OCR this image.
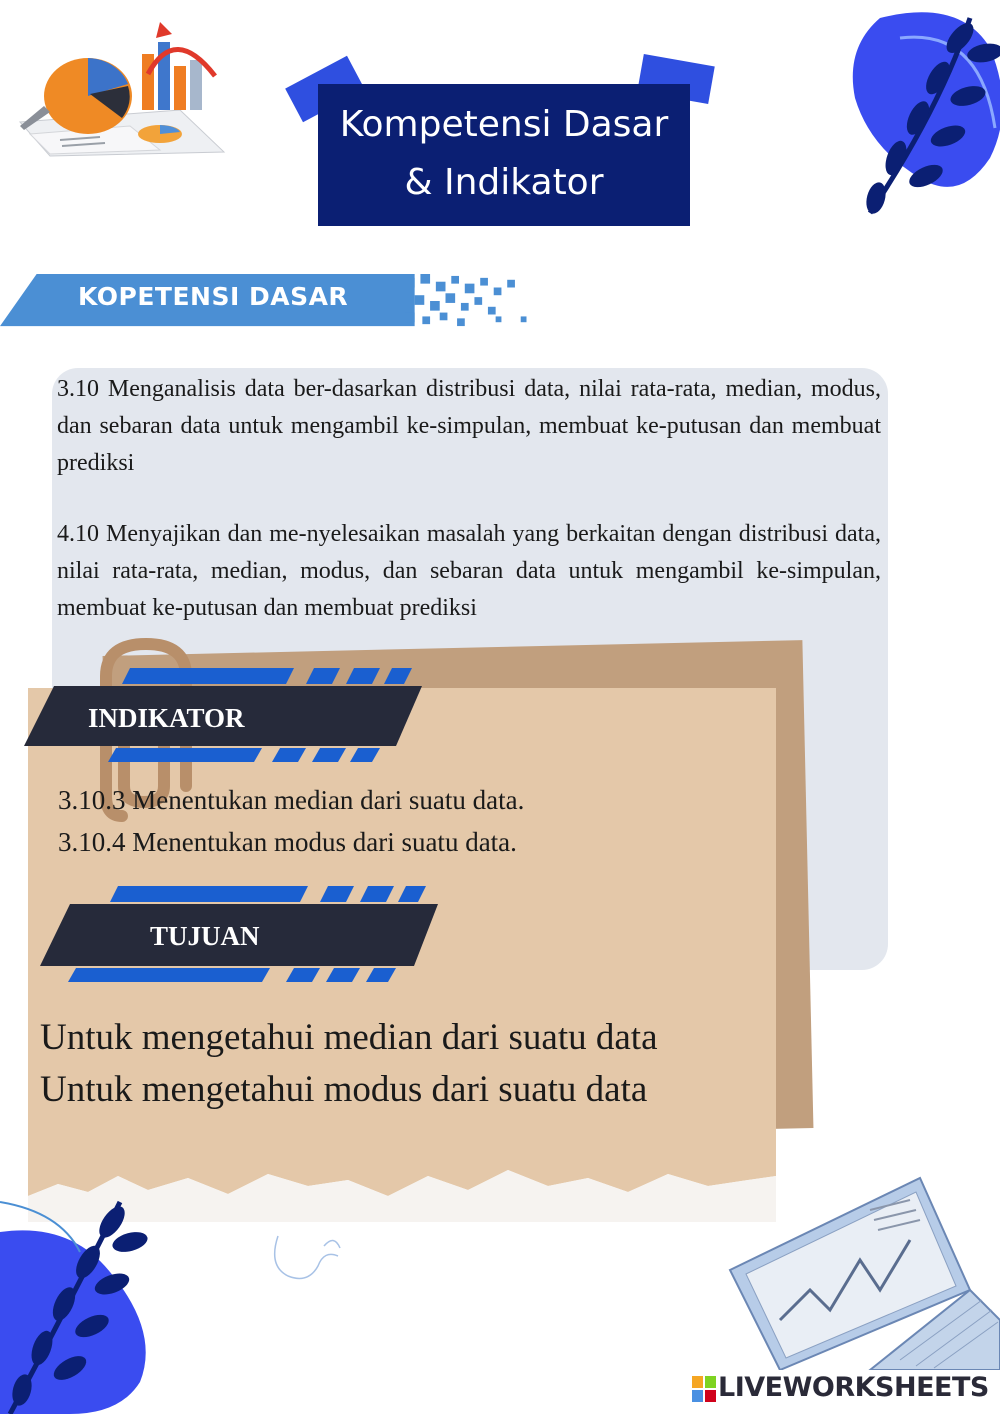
Kompetensi Dasar
& Indikator
KOPETENSI DASAR
3.10 Menganalisis data ber-dasarkan distribusi data, nilai rata-rata, median, modus, dan sebaran data untuk mengambil ke-simpulan, membuat ke-putusan dan membuat prediksi
4.10 Menyajikan dan me-nyelesaikan masalah yang berkaitan dengan distribusi data, nilai rata-rata, median, modus, dan sebaran data untuk mengambil ke-simpulan, membuat ke-putusan dan membuat prediksi
INDIKATOR
3.10.3 Menentukan median dari suatu data.
3.10.4 Menentukan modus dari suatu data.
TUJUAN
Untuk mengetahui median dari suatu data
Untuk mengetahui modus dari suatu data
LIVEWORKSHEETS
